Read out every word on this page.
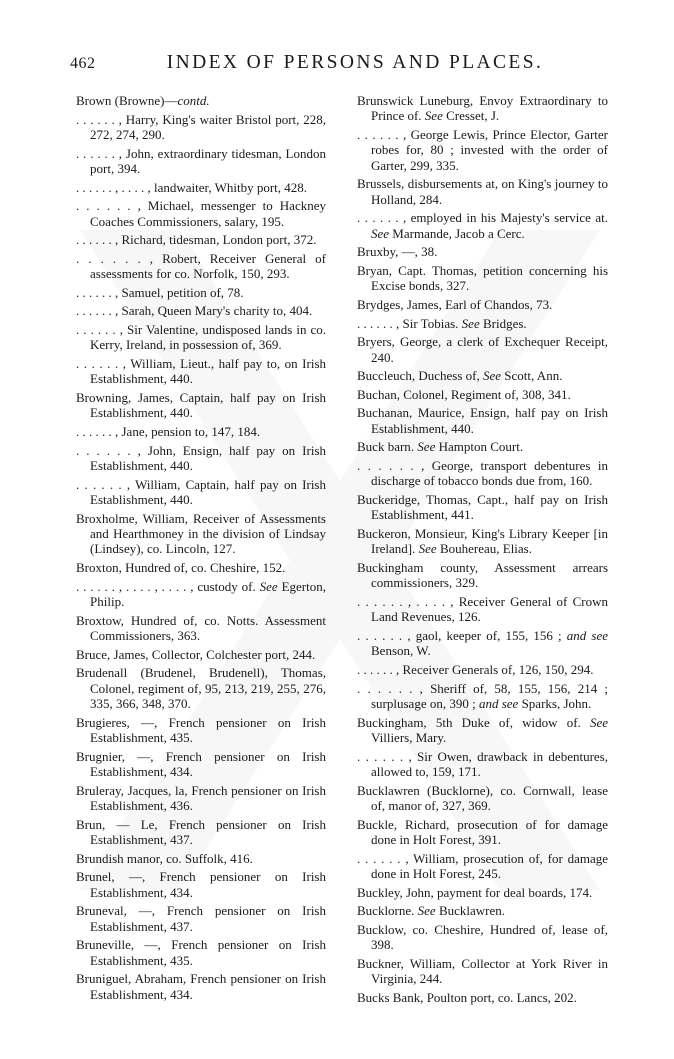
462	INDEX OF PERSONS AND PLACES.

Brown (Browne)—contd.

. . . . . . , Harry, King's waiter Bristol port, 228, 272, 274, 290.

. . . . . . , John, extraordinary tidesman, London port, 394.

. . . . . . , . . . . , landwaiter, Whitby port, 428.

. . . . . . , Michael, messenger to Hackney Coaches Commissioners, salary, 195.

. . . . . . , Richard, tidesman, London port, 372.

. . . . . . , Robert, Receiver General of assessments for co. Norfolk, 150, 293.

. . . . . . , Samuel, petition of, 78.

. . . . . . , Sarah, Queen Mary's charity to, 404.

. . . . . . , Sir Valentine, undisposed lands in co. Kerry, Ireland, in possession of, 369.

. . . . . . , William, Lieut., half pay to, on Irish Establishment, 440.

Browning, James, Captain, half pay on Irish Establishment, 440.

. . . . . . , Jane, pension to, 147, 184.

. . . . . . , John, Ensign, half pay on Irish Establishment, 440.

. . . . . . , William, Captain, half pay on Irish Establishment, 440.

Broxholme, William, Receiver of Assessments and Hearthmoney in the division of Lindsay (Lindsey), co. Lincoln, 127.

Broxton, Hundred of, co. Cheshire, 152.

. . . . . . , . . . . , . . . . , custody of. See Egerton, Philip.

Broxtow, Hundred of, co. Notts. Assessment Commissioners, 363.

Bruce, James, Collector, Colchester port, 244.

Brudenall (Brudenel, Brudenell), Thomas, Colonel, regiment of, 95, 213, 219, 255, 276, 335, 366, 348, 370.

Brugieres, —, French pensioner on Irish Establishment, 435.

Brugnier, —, French pensioner on Irish Establishment, 434.

Bruleray, Jacques, la, French pensioner on Irish Establishment, 436.

Brun, — Le, French pensioner on Irish Establishment, 437.

Brundish manor, co. Suffolk, 416.

Brunel, —, French pensioner on Irish Establishment, 434.

Bruneval, —, French pensioner on Irish Establishment, 437.

Bruneville, —, French pensioner on Irish Establishment, 435.

Bruniguel, Abraham, French pensioner on Irish Establishment, 434.

Brunswick Luneburg, Envoy Extraordinary to Prince of. See Cresset, J.

. . . . . . , George Lewis, Prince Elector, Garter robes for, 80 ; invested with the order of Garter, 299, 335.

Brussels, disbursements at, on King's journey to Holland, 284.

. . . . . . , employed in his Majesty's service at. See Marmande, Jacob a Cerc.

Bruxby, —, 38.

Bryan, Capt. Thomas, petition concerning his Excise bonds, 327.

Brydges, James, Earl of Chandos, 73.

. . . . . . , Sir Tobias. See Bridges.

Bryers, George, a clerk of Exchequer Receipt, 240.

Buccleuch, Duchess of, See Scott, Ann.

Buchan, Colonel, Regiment of, 308, 341.

Buchanan, Maurice, Ensign, half pay on Irish Establishment, 440.

Buck barn. See Hampton Court.

. . . . . . , George, transport debentures in discharge of tobacco bonds due from, 160.

Buckeridge, Thomas, Capt., half pay on Irish Establishment, 441.

Buckeron, Monsieur, King's Library Keeper [in Ireland]. See Bouhereau, Elias.

Buckingham county, Assessment arrears commissioners, 329.

. . . . . . , . . . . , Receiver General of Crown Land Revenues, 126.

. . . . . . , gaol, keeper of, 155, 156 ; and see Benson, W.

. . . . . . , Receiver Generals of, 126, 150, 294.

. . . . . . , Sheriff of, 58, 155, 156, 214 ; surplusage on, 390 ; and see Sparks, John.

Buckingham, 5th Duke of, widow of. See Villiers, Mary.

. . . . . . , Sir Owen, drawback in debentures, allowed to, 159, 171.

Bucklawren (Bucklorne), co. Cornwall, lease of, manor of, 327, 369.

Buckle, Richard, prosecution of for damage done in Holt Forest, 391.

. . . . . . , William, prosecution of, for damage done in Holt Forest, 245.

Buckley, John, payment for deal boards, 174.

Bucklorne. See Bucklawren.

Bucklow, co. Cheshire, Hundred of, lease of, 398.

Buckner, William, Collector at York River in Virginia, 244.

Bucks Bank, Poulton port, co. Lancs, 202.
